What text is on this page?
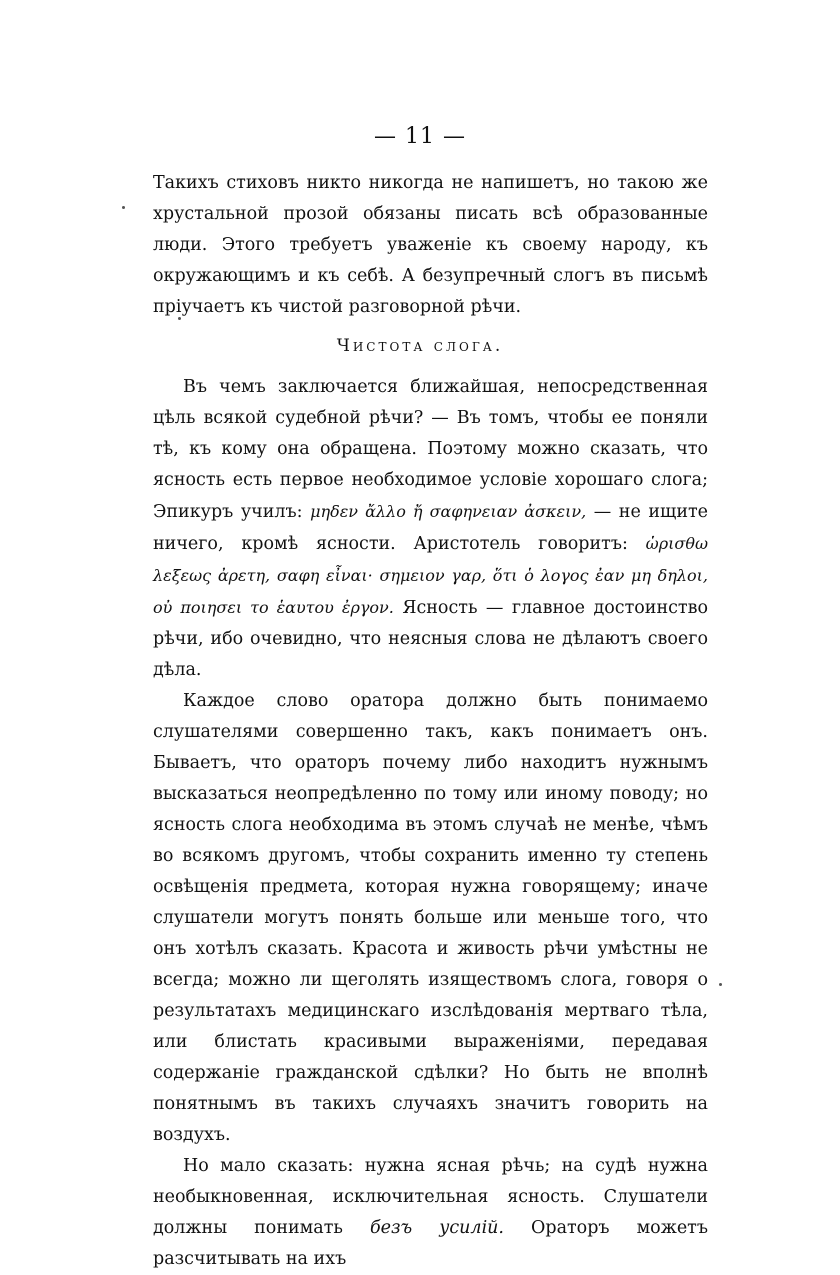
— 11 —

Такихъ стиховъ никто никогда не напишетъ, но такою же хрустальной прозой обязаны писать всѣ образованные люди. Этого требуетъ уваженіе къ своему народу, къ окружающимъ и къ себѣ. А безупречный слогъ въ письмѣ пріучаетъ къ чистой разговорной рѣчи.

Чистота слога.

Въ чемъ заключается ближайшая, непосредственная цѣль всякой судебной рѣчи? — Въ томъ, чтобы ее поняли тѣ, къ кому она обращена. Поэтому можно сказать, что ясность есть первое необходимое условіе хорошаго слога; Эпикуръ училъ: μηδεν ἄλλο ἤ σαφηνειαν ἀσκειν, — не ищите ничего, кромѣ ясности. Аристотель говоритъ: ὡρισθω λεξεως ἀρετη, σαφη εἶναι· σημειον γαρ, ὅτι ὁ λογος ἐαν μη δηλοι, οὐ ποιησει το ἑαυτου ἐργον. Ясность — главное достоинство рѣчи, ибо очевидно, что неясныя слова не дѣлаютъ своего дѣла.

Каждое слово оратора должно быть понимаемо слушателями совершенно такъ, какъ понимаетъ онъ. Бываетъ, что ораторъ почему либо находитъ нужнымъ высказаться неопредѣленно по тому или иному поводу; но ясность слога необходима въ этомъ случаѣ не менѣе, чѣмъ во всякомъ другомъ, чтобы сохранить именно ту степень освѣщенія предмета, которая нужна говорящему; иначе слушатели могутъ понять больше или меньше того, что онъ хотѣлъ сказать. Красота и живость рѣчи умѣстны не всегда; можно ли щеголять изяществомъ слога, говоря о результатахъ медицинскаго изслѣдованія мертваго тѣла, или блистать красивыми выраженіями, передавая содержаніе гражданской сдѣлки? Но быть не вполнѣ понятнымъ въ такихъ случаяхъ значитъ говорить на воздухъ.

Но мало сказать: нужна ясная рѣчь; на судѣ нужна необыкновенная, исключительная ясность. Слушатели должны понимать безъ усилій. Ораторъ можетъ разсчитывать на ихъ
